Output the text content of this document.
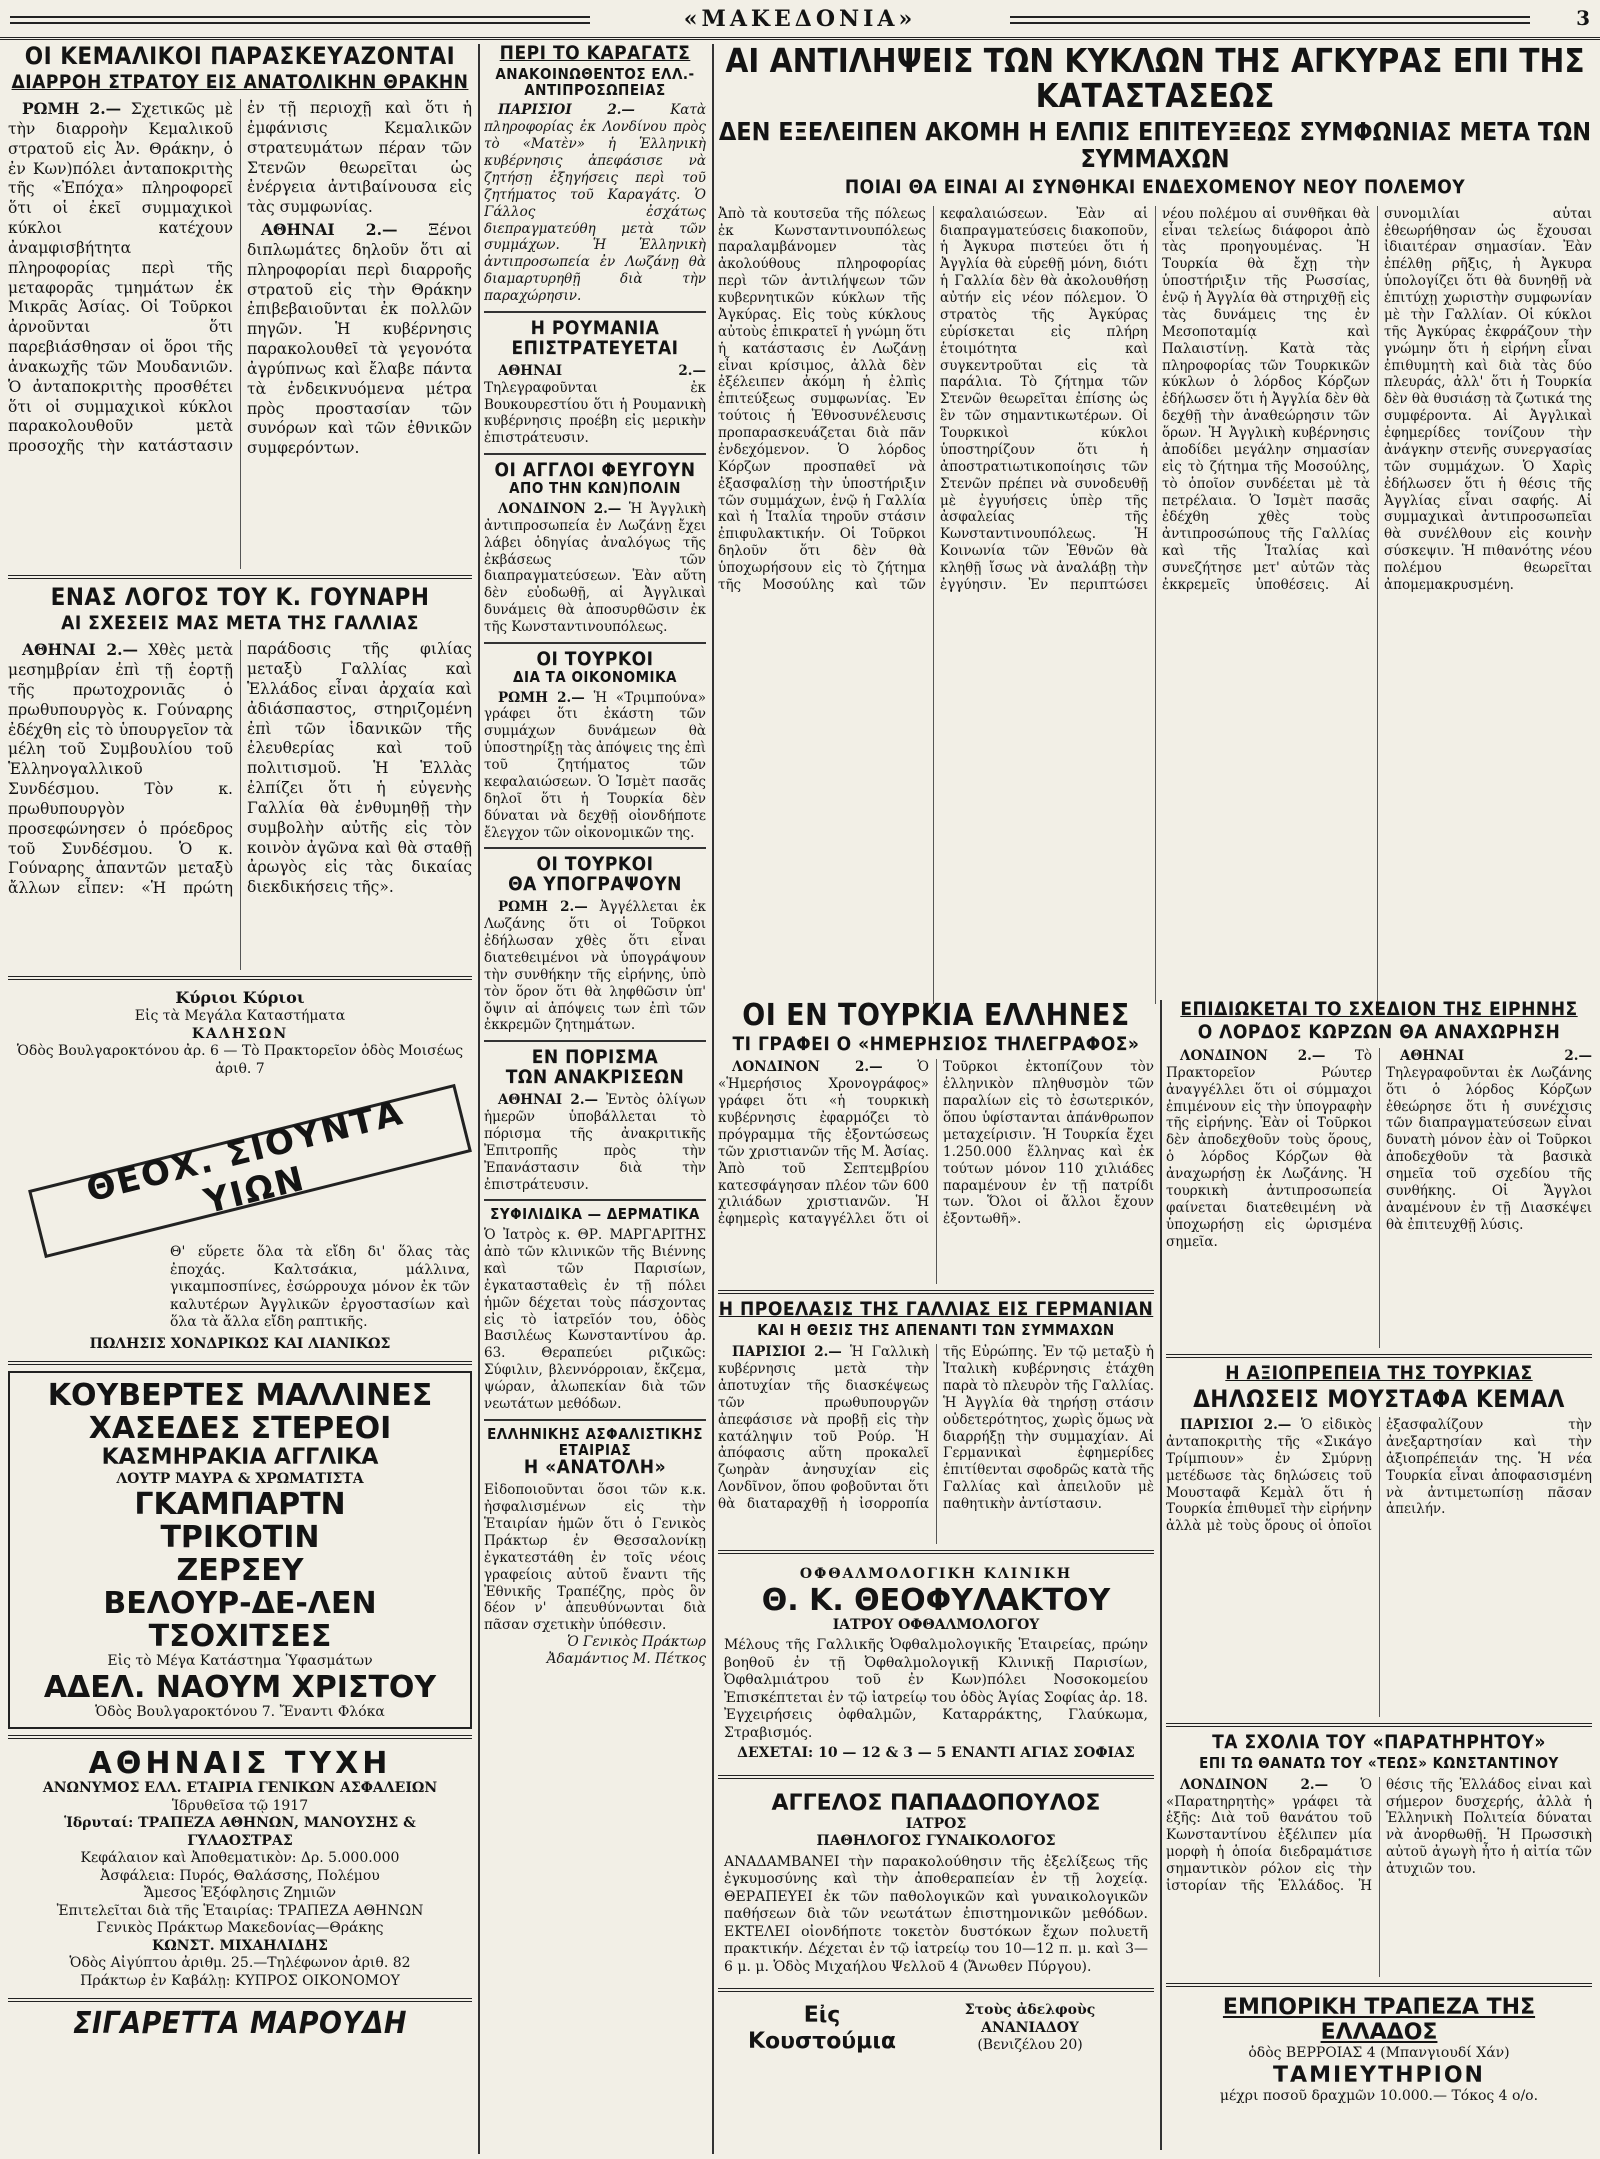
«ΜΑΚΕΔΟΝΙΑ»	3
ΟΙ ΚΕΜΑΛΙΚΟΙ ΠΑΡΑΣΚΕΥΑΖΟΝΤΑΙ
ΔΙΑΡΡΟΗ ΣΤΡΑΤΟΥ ΕΙΣ ΑΝΑΤΟΛΙΚΗΝ ΘΡΑΚΗΝ

ΡΩΜΗ 2.— Σχετικῶς μὲ τὴν διαρροὴν Κεμαλικοῦ στρατοῦ εἰς Ἀν. Θράκην, ὁ ἐν Κων)πόλει ἀνταποκριτὴς τῆς «Ἐπόχα» πληροφορεῖ ὅτι οἱ ἐκεῖ συμμαχικοὶ κύκλοι κατέχουν ἀναμφισβήτητα πληροφορίας περὶ τῆς μεταφορᾶς τμημάτων ἐκ Μικρᾶς Ἀσίας. Οἱ Τοῦρκοι ἀρνοῦνται ὅτι παρεβιάσθησαν οἱ ὅροι τῆς ἀνακωχῆς τῶν Μουδανιῶν. Ὁ ἀνταποκριτὴς προσθέτει ὅτι οἱ συμμαχικοὶ κύκλοι παρακολουθοῦν μετὰ προσοχῆς τὴν κατάστασιν ἐν τῇ περιοχῇ καὶ ὅτι ἡ ἐμφάνισις Κεμαλικῶν στρατευμάτων πέραν τῶν Στενῶν θεωρεῖται ὡς ἐνέργεια ἀντιβαίνουσα εἰς τὰς συμφωνίας.

ΑΘΗΝΑΙ 2.— Ξένοι διπλωμάτες δηλοῦν ὅτι αἱ πληροφορίαι περὶ διαρροῆς στρατοῦ εἰς τὴν Θράκην ἐπιβεβαιοῦνται ἐκ πολλῶν πηγῶν. Ἡ κυβέρνησις παρακολουθεῖ τὰ γεγονότα ἀγρύπνως καὶ ἔλαβε πάντα τὰ ἐνδεικνυόμενα μέτρα πρὸς προστασίαν τῶν συνόρων καὶ τῶν ἐθνικῶν συμφερόντων.

ΕΝΑΣ ΛΟΓΟΣ ΤΟΥ Κ. ΓΟΥΝΑΡΗ
ΑΙ ΣΧΕΣΕΙΣ ΜΑΣ ΜΕΤΑ ΤΗΣ ΓΑΛΛΙΑΣ

ΑΘΗΝΑΙ 2.— Χθὲς μετὰ μεσημβρίαν ἐπὶ τῇ ἑορτῇ τῆς πρωτοχρονιᾶς ὁ πρωθυπουργὸς κ. Γούναρης ἐδέχθη εἰς τὸ ὑπουργεῖον τὰ μέλη τοῦ Συμβουλίου τοῦ Ἑλληνογαλλικοῦ Συνδέσμου. Τὸν κ. πρωθυπουργὸν προσεφώνησεν ὁ πρόεδρος τοῦ Συνδέσμου. Ὁ κ. Γούναρης ἀπαντῶν μεταξὺ ἄλλων εἶπεν: «Ἡ πρώτη παράδοσις τῆς φιλίας μεταξὺ Γαλλίας καὶ Ἑλλάδος εἶναι ἀρχαία καὶ ἀδιάσπαστος, στηριζομένη ἐπὶ τῶν ἰδανικῶν τῆς ἐλευθερίας καὶ τοῦ πολιτισμοῦ. Ἡ Ἑλλὰς ἐλπίζει ὅτι ἡ εὐγενὴς Γαλλία θὰ ἐνθυμηθῇ τὴν συμβολὴν αὐτῆς εἰς τὸν κοινὸν ἀγῶνα καὶ θὰ σταθῇ ἀρωγὸς εἰς τὰς δικαίας διεκδικήσεις τῆς».

Κύριοι Κύριοι
Εἰς τὰ Μεγάλα Καταστήματα
ΚΑΛΗΣΩΝ
Ὁδὸς Βουλγαροκτόνου ἀρ. 6 — Τὸ Πρακτορεῖον ὁδὸς Μοισέως ἀριθ. 7
ΘΕΟΧ. ΣΙΟΥΝΤΑ ΥΙΩΝ
Θ' εὕρετε ὅλα τὰ εἴδη δι' ὅλας τὰς ἐποχάς. Καλτσάκια, μάλλινα, γικαμποσπίνες, ἐσώρρουχα μόνον ἐκ τῶν καλυτέρων Ἀγγλικῶν ἐργοστασίων καὶ ὅλα τὰ ἄλλα εἴδη ραπτικῆς.
ΠΩΛΗΣΙΣ ΧΟΝΔΡΙΚΩΣ ΚΑΙ ΛΙΑΝΙΚΩΣ
ΚΟΥΒΕΡΤΕΣ ΜΑΛΛΙΝΕΣ
ΧΑΣΕΔΕΣ ΣΤΕΡΕΟΙ
ΚΑΣΜΗΡΑΚΙΑ ΑΓΓΛΙΚΑ
ΛΟΥΤΡ ΜΑΥΡΑ & ΧΡΩΜΑΤΙΣΤΑ
ΓΚΑΜΠΑΡΤΝ
ΤΡΙΚΟΤΙΝ
ΖΕΡΣΕΥ
ΒΕΛΟΥΡ-ΔΕ-ΛΕΝ
ΤΣΟΧΙΤΣΕΣ
Εἰς τὸ Μέγα Κατάστημα Ὑφασμάτων
ΑΔΕΛ. ΝΑΟΥΜ ΧΡΙΣΤΟΥ
Ὁδὸς Βουλγαροκτόνου 7. Ἔναντι Φλόκα
ΑΘΗΝΑΙΣ ΤΥΧΗ
ΑΝΩΝΥΜΟΣ ΕΛΛ. ΕΤΑΙΡΙΑ ΓΕΝΙΚΩΝ ΑΣΦΑΛΕΙΩΝ
Ἱδρυθεῖσα τῷ 1917
Ἱδρυταί: ΤΡΑΠΕΖΑ ΑΘΗΝΩΝ, ΜΑΝΟΥΣΗΣ & ΓΥΛΑΟΣΤΡΑΣ
Κεφάλαιον καὶ Ἀποθεματικὸν: Δρ. 5.000.000
Ἀσφάλεια: Πυρός, Θαλάσσης, Πολέμου
Ἄμεσος Ἐξόφλησις Ζημιῶν
Ἐπιτελεῖται διὰ τῆς Ἑταιρίας: ΤΡΑΠΕΖΑ ΑΘΗΝΩΝ
Γενικὸς Πράκτωρ Μακεδονίας—Θράκης
ΚΩΝΣΤ. ΜΙΧΑΗΛΙΔΗΣ
Ὁδὸς Αἰγύπτου ἀριθμ. 25.—Τηλέφωνον ἀριθ. 82
Πράκτωρ ἐν Καβάλῃ: ΚΥΠΡΟΣ ΟΙΚΟΝΟΜΟΥ
ΣΙΓΑΡΕΤΤΑ ΜΑΡΟΥΔΗ
ΠΕΡΙ ΤΟ ΚΑΡΑΓΑΤΣ
ΑΝΑΚΟΙΝΩΘΕΝΤΟΣ ΕΛΛ.-ΑΝΤΙΠΡΟΣΩΠΕΙΑΣ

ΠΑΡΙΣΙΟΙ 2.—	Κατὰ πληροφορίας ἐκ Λονδίνου πρὸς τὸ «Ματὲν» ἡ Ἑλληνικὴ κυβέρνησις ἀπεφάσισε νὰ ζητήσῃ ἐξηγήσεις περὶ τοῦ ζητήματος τοῦ Καραγάτς. Ὁ Γάλλος ἐσχάτως διεπραγματεύθη μετὰ τῶν συμμάχων. Ἡ Ἑλληνικὴ ἀντιπροσωπεία ἐν Λωζάνῃ θὰ διαμαρτυρηθῇ διὰ τὴν παραχώρησιν.

Η ΡΟΥΜΑΝΙΑ
ΕΠΙΣΤΡΑΤΕΥΕΤΑΙ

ΑΘΗΝΑΙ 2.— Τηλεγραφοῦνται ἐκ Βουκουρεστίου ὅτι ἡ Ρουμανικὴ κυβέρνησις προέβη εἰς μερικὴν ἐπιστράτευσιν.

ΟΙ ΑΓΓΛΟΙ ΦΕΥΓΟΥΝ
ΑΠΟ ΤΗΝ ΚΩΝ)ΠΟΛΙΝ

ΛΟΝΔΙΝΟΝ 2.— Ἡ Ἀγγλικὴ ἀντιπροσωπεία ἐν Λωζάνῃ ἔχει λάβει ὁδηγίας ἀναλόγως τῆς ἐκβάσεως τῶν διαπραγματεύσεων. Ἐὰν αὕτη δὲν εὐοδωθῇ, αἱ Ἀγγλικαὶ δυνάμεις θὰ ἀποσυρθῶσιν ἐκ τῆς Κωνσταντινουπόλεως.

ΟΙ ΤΟΥΡΚΟΙ
ΔΙΑ ΤΑ ΟΙΚΟΝΟΜΙΚΑ

ΡΩΜΗ 2.— Ἡ «Τριμπούνα» γράφει ὅτι ἐκάστη τῶν συμμάχων δυνάμεων θὰ ὑποστηρίξῃ τὰς ἀπόψεις της ἐπὶ τοῦ ζητήματος τῶν κεφαλαιώσεων. Ὁ Ἰσμὲτ πασᾶς δηλοῖ ὅτι ἡ Τουρκία δὲν δύναται νὰ δεχθῇ οἰονδήποτε ἔλεγχον τῶν οἰκονομικῶν της.

ΟΙ ΤΟΥΡΚΟΙ
ΘΑ ΥΠΟΓΡΑΨΟΥΝ

ΡΩΜΗ 2.— Ἀγγέλλεται ἐκ Λωζάνης ὅτι οἱ Τοῦρκοι ἐδήλωσαν χθὲς ὅτι εἶναι διατεθειμένοι νὰ ὑπογράψουν τὴν συνθήκην τῆς εἰρήνης, ὑπὸ τὸν ὅρον ὅτι θὰ ληφθῶσιν ὑπ' ὄψιν αἱ ἀπόψεις των ἐπὶ τῶν ἐκκρεμῶν ζητημάτων.

ΕΝ ΠΟΡΙΣΜΑ
ΤΩΝ ΑΝΑΚΡΙΣΕΩΝ

ΑΘΗΝΑΙ 2.— Ἐντὸς ὀλίγων ἡμερῶν ὑποβάλλεται τὸ πόρισμα τῆς ἀνακριτικῆς Ἐπιτροπῆς πρὸς τὴν Ἐπανάστασιν διὰ τὴν ἐπιστράτευσιν.

ΣΥΦΙΛΙΔΙΚΑ — ΔΕΡΜΑΤΙΚΑ
Ὁ Ἰατρὸς κ. ΘΡ. ΜΑΡΓΑΡΙΤΗΣ ἀπὸ τῶν κλινικῶν τῆς Βιέννης καὶ τῶν Παρισίων, ἐγκατασταθεὶς ἐν τῇ πόλει ἡμῶν δέχεται τοὺς πάσχοντας εἰς τὸ ἰατρεῖόν του, ὁδὸς Βασιλέως Κωνσταντίνου ἀρ. 63. Θεραπεύει ριζικῶς: Σύφιλιν, βλεννόρροιαν, ἔκζεμα, ψώραν, ἀλωπεκίαν διὰ τῶν νεωτάτων μεθόδων.
ΕΛΛΗΝΙΚΗΣ ΑΣΦΑΛΙΣΤΙΚΗΣ ΕΤΑΙΡΙΑΣ
Η «ΑΝΑΤΟΛΗ»
Εἰδοποιοῦνται ὅσοι τῶν κ.κ. ἠσφαλισμένων εἰς τὴν Ἑταιρίαν ἡμῶν ὅτι ὁ Γενικὸς Πράκτωρ ἐν Θεσσαλονίκῃ ἐγκατεστάθη ἐν τοῖς νέοις γραφείοις αὐτοῦ ἔναντι τῆς Ἐθνικῆς Τραπέζης, πρὸς ὃν δέον ν' ἀπευθύνωνται διὰ πᾶσαν σχετικὴν ὑπόθεσιν.
Ὁ Γενικὸς Πράκτωρ Ἀδαμάντιος Μ. Πέτκος
ΑΙ ΑΝΤΙΛΗΨΕΙΣ ΤΩΝ ΚΥΚΛΩΝ ΤΗΣ ΑΓΚΥΡΑΣ ΕΠΙ ΤΗΣ ΚΑΤΑΣΤΑΣΕΩΣ
ΔΕΝ ΕΞΕΛΕΙΠΕΝ ΑΚΟΜΗ Η ΕΛΠΙΣ ΕΠΙΤΕΥΞΕΩΣ ΣΥΜΦΩΝΙΑΣ ΜΕΤΑ ΤΩΝ ΣΥΜΜΑΧΩΝ
ΠΟΙΑΙ ΘΑ ΕΙΝΑΙ ΑΙ ΣΥΝΘΗΚΑΙ ΕΝΔΕΧΟΜΕΝΟΥ ΝΕΟΥ ΠΟΛΕΜΟΥ
Ἀπὸ τὰ κουτσεῦα τῆς πόλεως ἐκ Κωνσταντινουπόλεως παραλαμβάνομεν τὰς ἀκολούθους πληροφορίας περὶ τῶν ἀντιλήψεων τῶν κυβερνητικῶν κύκλων τῆς Ἀγκύρας. Εἰς τοὺς κύκλους αὐτοὺς ἐπικρατεῖ ἡ γνώμη ὅτι ἡ κατάστασις ἐν Λωζάνῃ εἶναι κρίσιμος, ἀλλὰ δὲν ἐξέλειπεν ἀκόμη ἡ ἐλπὶς ἐπιτεύξεως συμφωνίας. Ἐν τούτοις ἡ Ἐθνοσυνέλευσις προπαρασκευάζεται διὰ πᾶν ἐνδεχόμενον. Ὁ λόρδος Κόρζων προσπαθεῖ νὰ ἐξασφαλίσῃ τὴν ὑποστήριξιν τῶν συμμάχων, ἐνῷ ἡ Γαλλία καὶ ἡ Ἰταλία τηροῦν στάσιν ἐπιφυλακτικήν. Οἱ Τοῦρκοι δηλοῦν ὅτι δὲν θὰ ὑποχωρήσουν εἰς τὸ ζήτημα τῆς Μοσούλης καὶ τῶν κεφαλαιώσεων. Ἐὰν αἱ διαπραγματεύσεις διακοποῦν, ἡ Ἀγκυρα πιστεύει ὅτι ἡ Ἀγγλία θὰ εὑρεθῇ μόνη, διότι ἡ Γαλλία δὲν θὰ ἀκολουθήσῃ αὐτήν εἰς νέον πόλεμον. Ὁ στρατὸς τῆς Ἀγκύρας εὑρίσκεται εἰς πλήρη ἑτοιμότητα καὶ συγκεντροῦται εἰς τὰ παράλια. Τὸ ζήτημα τῶν Στενῶν θεωρεῖται ἐπίσης ὡς ἓν τῶν σημαντικωτέρων. Οἱ Τουρκικοὶ κύκλοι ὑποστηρίζουν ὅτι ἡ ἀποστρατιωτικοποίησις τῶν Στενῶν πρέπει νὰ συνοδευθῇ μὲ ἐγγυήσεις ὑπὲρ τῆς ἀσφαλείας τῆς Κωνσταντινουπόλεως. Ἡ Κοινωνία τῶν Ἐθνῶν θὰ κληθῇ ἴσως νὰ ἀναλάβῃ τὴν ἐγγύησιν. Ἐν περιπτώσει νέου πολέμου αἱ συνθῆκαι θὰ εἶναι τελείως διάφοροι ἀπὸ τὰς προηγουμένας. Ἡ Τουρκία θὰ ἔχῃ τὴν ὑποστήριξιν τῆς Ρωσσίας, ἐνῷ ἡ Ἀγγλία θὰ στηριχθῇ εἰς τὰς δυνάμεις της ἐν Μεσοποταμίᾳ καὶ Παλαιστίνῃ. Κατὰ τὰς πληροφορίας τῶν Τουρκικῶν κύκλων ὁ λόρδος Κόρζων ἐδήλωσεν ὅτι ἡ Ἀγγλία δὲν θὰ δεχθῇ τὴν ἀναθεώρησιν τῶν ὅρων. Ἡ Ἀγγλικὴ κυβέρνησις ἀποδίδει μεγάλην σημασίαν εἰς τὸ ζήτημα τῆς Μοσούλης, τὸ ὁποῖον συνδέεται μὲ τὰ πετρέλαια. Ὁ Ἰσμὲτ πασᾶς ἐδέχθη χθὲς τοὺς ἀντιπροσώπους τῆς Γαλλίας καὶ τῆς Ἰταλίας καὶ συνεζήτησε μετ' αὐτῶν τὰς ἐκκρεμεῖς ὑποθέσεις. Αἱ συνομιλίαι αὗται ἐθεωρήθησαν ὡς ἔχουσαι ἰδιαιτέραν σημασίαν. Ἐὰν ἐπέλθῃ ρῆξις, ἡ Ἀγκυρα ὑπολογίζει ὅτι θὰ δυνηθῇ νὰ ἐπιτύχῃ χωριστὴν συμφωνίαν μὲ τὴν Γαλλίαν. Οἱ κύκλοι τῆς Ἀγκύρας ἐκφράζουν τὴν γνώμην ὅτι ἡ εἰρήνη εἶναι ἐπιθυμητὴ καὶ διὰ τὰς δύο πλευράς, ἀλλ' ὅτι ἡ Τουρκία δὲν θὰ θυσιάσῃ τὰ ζωτικά της συμφέροντα. Αἱ Ἀγγλικαὶ ἐφημερίδες τονίζουν τὴν ἀνάγκην στενῆς συνεργασίας τῶν συμμάχων. Ὁ Χαρὶς ἐδήλωσεν ὅτι ἡ θέσις τῆς Ἀγγλίας εἶναι σαφής. Αἱ συμμαχικαὶ ἀντιπροσωπεῖαι θὰ συνέλθουν εἰς κοινὴν σύσκεψιν. Ἡ πιθανότης νέου πολέμου θεωρεῖται ἀπομεμακρυσμένη.
ΟΙ ΕΝ ΤΟΥΡΚΙΑ ΕΛΛΗΝΕΣ
ΤΙ ΓΡΑΦΕΙ Ο «ΗΜΕΡΗΣΙΟΣ ΤΗΛΕΓΡΑΦΟΣ»

ΛΟΝΔΙΝΟΝ 2.—	Ὁ «Ἡμερήσιος Χρονογράφος» γράφει ὅτι «ἡ τουρκικὴ κυβέρνησις ἐφαρμόζει τὸ πρόγραμμα τῆς ἐξοντώσεως τῶν χριστιανῶν τῆς Μ. Ἀσίας. Ἀπὸ τοῦ Σεπτεμβρίου κατεσφάγησαν πλέον τῶν 600 χιλιάδων χριστιανῶν. Ἡ ἐφημερὶς καταγγέλλει ὅτι οἱ Τοῦρκοι ἐκτοπίζουν τὸν ἑλληνικὸν πληθυσμὸν τῶν παραλίων εἰς τὸ ἐσωτερικόν, ὅπου ὑφίστανται ἀπάνθρωπον μεταχείρισιν. Ἡ Τουρκία ἔχει 1.250.000 ἕλληνας καὶ ἐκ τούτων μόνον 110 χιλιάδες παραμένουν ἐν τῇ πατρίδι των. Ὅλοι οἱ ἄλλοι ἔχουν ἐξοντωθῆ».

Η ΠΡΟΕΛΑΣΙΣ ΤΗΣ ΓΑΛΛΙΑΣ ΕΙΣ ΓΕΡΜΑΝΙΑΝ
ΚΑΙ Η ΘΕΣΙΣ ΤΗΣ ΑΠΕΝΑΝΤΙ ΤΩΝ ΣΥΜΜΑΧΩΝ

ΠΑΡΙΣΙΟΙ 2.— Ἡ Γαλλικὴ κυβέρνησις μετὰ τὴν ἀποτυχίαν τῆς διασκέψεως τῶν πρωθυπουργῶν ἀπεφάσισε νὰ προβῇ εἰς τὴν κατάληψιν τοῦ Ρούρ. Ἡ ἀπόφασις αὕτη προκαλεῖ ζωηρὰν ἀνησυχίαν εἰς Λονδῖνον, ὅπου φοβοῦνται ὅτι θὰ διαταραχθῇ ἡ ἰσορροπία τῆς Εὐρώπης. Ἐν τῷ μεταξὺ ἡ Ἰταλικὴ κυβέρνησις ἐτάχθη παρὰ τὸ πλευρὸν τῆς Γαλλίας. Ἡ Ἀγγλία θὰ τηρήσῃ στάσιν οὐδετερότητος, χωρὶς ὅμως νὰ διαρρήξῃ τὴν συμμαχίαν. Αἱ Γερμανικαὶ ἐφημερίδες ἐπιτίθενται σφοδρῶς κατὰ τῆς Γαλλίας καὶ ἀπειλοῦν μὲ παθητικὴν ἀντίστασιν.

ΟΦΘΑΛΜΟΛΟΓΙΚΗ ΚΛΙΝΙΚΗ
Θ. Κ. ΘΕΟΦΥΛΑΚΤΟΥ
ΙΑΤΡΟΥ ΟΦΘΑΛΜΟΛΟΓΟΥ
Μέλους τῆς Γαλλικῆς Ὀφθαλμολογικῆς Ἑταιρείας, πρώην βοηθοῦ ἐν τῇ Ὀφθαλμολογικῇ Κλινικῇ Παρισίων, Ὀφθαλμιάτρου τοῦ ἐν Κων)πόλει Νοσοκομείου Ἐπισκέπτεται ἐν τῷ ἰατρείῳ του ὁδὸς Ἁγίας Σοφίας ἀρ. 18. Ἐγχειρήσεις ὀφθαλμῶν, Καταρράκτης, Γλαύκωμα, Στραβισμός.
ΔΕΧΕΤΑΙ: 10 — 12 & 3 — 5 ΕΝΑΝΤΙ ΑΓΙΑΣ ΣΟΦΙΑΣ
ΑΓΓΕΛΟΣ ΠΑΠΑΔΟΠΟΥΛΟΣ
ΙΑΤΡΟΣ
ΠΑΘΗΛΟΓΟΣ ΓΥΝΑΙΚΟΛΟΓΟΣ
ΑΝΑΔΑΜΒΑΝΕΙ τὴν παρακολούθησιν τῆς ἐξελίξεως τῆς ἐγκυμοσύνης καὶ τὴν ἀποθεραπείαν ἐν τῇ λοχείᾳ. ΘΕΡΑΠΕΥΕΙ ἐκ τῶν παθολογικῶν καὶ γυναικολογικῶν παθήσεων διὰ τῶν νεωτάτων ἐπιστημονικῶν μεθόδων. ΕΚΤΕΛΕΙ οἰονδήποτε τοκετὸν δυστόκων ἔχων πολυετῆ πρακτικήν. Δέχεται ἐν τῷ ἰατρείῳ του 10—12 π. μ. καὶ 3—6 μ. μ. Ὁδὸς Μιχαήλου Ψελλοῦ 4 (Ἄνωθεν Πύργου).
Εἰς Κουστούμια
Στοὺς ἀδελφοὺς ΑΝΑΝΙΑΔΟΥ
(Βενιζέλου 20)
ΕΠΙΔΙΩΚΕΤΑΙ ΤΟ ΣΧΕΔΙΟΝ ΤΗΣ ΕΙΡΗΝΗΣ
Ο ΛΟΡΔΟΣ ΚΩΡΖΩΝ ΘΑ ΑΝΑΧΩΡΗΣΗ

ΛΟΝΔΙΝΟΝ 2.— Τὸ Πρακτορεῖον Ρώυτερ ἀναγγέλλει ὅτι οἱ σύμμαχοι ἐπιμένουν εἰς τὴν ὑπογραφὴν τῆς εἰρήνης. Ἐὰν οἱ Τοῦρκοι δὲν ἀποδεχθοῦν τοὺς ὅρους, ὁ λόρδος Κόρζων θὰ ἀναχωρήσῃ ἐκ Λωζάνης. Ἡ τουρκικὴ ἀντιπροσωπεία φαίνεται διατεθειμένη νὰ ὑποχωρήσῃ εἰς ὡρισμένα σημεῖα.

ΑΘΗΝΑΙ 2.— Τηλεγραφοῦνται ἐκ Λωζάνης ὅτι ὁ λόρδος Κόρζων ἐθεώρησε ὅτι ἡ συνέχισις τῶν διαπραγματεύσεων εἶναι δυνατὴ μόνον ἐὰν οἱ Τοῦρκοι ἀποδεχθοῦν τὰ βασικὰ σημεῖα τοῦ σχεδίου τῆς συνθήκης. Οἱ Ἄγγλοι ἀναμένουν ἐν τῇ Διασκέψει θὰ ἐπιτευχθῇ λύσις.

Η ΑΞΙΟΠΡΕΠΕΙΑ ΤΗΣ ΤΟΥΡΚΙΑΣ
ΔΗΛΩΣΕΙΣ ΜΟΥΣΤΑΦΑ ΚΕΜΑΛ

ΠΑΡΙΣΙΟΙ 2.— Ὁ εἰδικὸς ἀνταποκριτὴς τῆς «Σικάγο Τρίμπιουν» ἐν Σμύρνῃ μετέδωσε τὰς δηλώσεις τοῦ Μουσταφᾶ Κεμὰλ ὅτι ἡ Τουρκία ἐπιθυμεῖ τὴν εἰρήνην ἀλλὰ μὲ τοὺς ὅρους οἱ ὁποῖοι ἐξασφαλίζουν τὴν ἀνεξαρτησίαν καὶ τὴν ἀξιοπρέπειάν της. Ἡ νέα Τουρκία εἶναι ἀποφασισμένη νὰ ἀντιμετωπίσῃ πᾶσαν ἀπειλήν.

ΤΑ ΣΧΟΛΙΑ ΤΟΥ «ΠΑΡΑΤΗΡΗΤΟΥ»
ΕΠΙ ΤΩ ΘΑΝΑΤΩ ΤΟΥ «ΤΕΩΣ» ΚΩΝΣΤΑΝΤΙΝΟΥ

ΛΟΝΔΙΝΟΝ 2.— Ὁ «Παρατηρητὴς» γράφει τὰ ἑξῆς: Διὰ τοῦ θανάτου τοῦ Κωνσταντίνου ἐξέλιπεν μία μορφὴ ἡ ὁποία διεδραμάτισε σημαντικὸν ρόλον εἰς τὴν ἱστορίαν τῆς Ἑλλάδος. Ἡ θέσις τῆς Ἑλλάδος εἶναι καὶ σήμερον δυσχερής, ἀλλὰ ἡ Ἑλληνικὴ Πολιτεία δύναται νὰ ἀνορθωθῇ. Ἡ Πρωσσικὴ αὐτοῦ ἀγωγὴ ἦτο ἡ αἰτία τῶν ἀτυχιῶν του.

ΕΜΠΟΡΙΚΗ ΤΡΑΠΕΖΑ ΤΗΣ ΕΛΛΑΔΟΣ
ὁδὸς ΒΕΡΡΟΙΑΣ 4 (Μπανγιουδί Χάν)
ΤΑΜΙΕΥΤΗΡΙΟΝ
μέχρι ποσοῦ δραχμῶν 10.000.— Τόκος 4 ο/ο.
